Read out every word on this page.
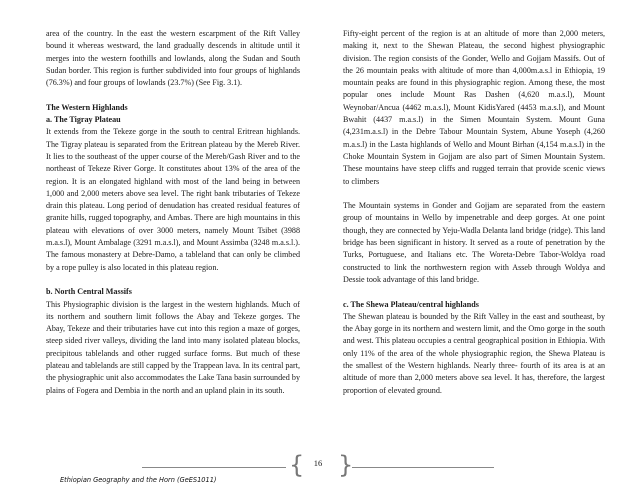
area of the country. In the east the western escarpment of the Rift Valley bound it whereas westward, the land gradually descends in altitude until it merges into the western foothills and lowlands, along the Sudan and South Sudan border. This region is further subdivided into four groups of highlands (76.3%) and four groups of lowlands (23.7%) (See Fig. 3.1).

The Western Highlands

a. The Tigray Plateau

It extends from the Tekeze gorge in the south to central Eritrean highlands. The Tigray plateau is separated from the Eritrean plateau by the Mereb River. It lies to the southeast of the upper course of the Mereb/Gash River and to the northeast of Tekeze River Gorge. It constitutes about 13% of the area of the region. It is an elongated highland with most of the land being in between 1,000 and 2,000 meters above sea level. The right bank tributaries of Tekeze drain this plateau. Long period of denudation has created residual features of granite hills, rugged topography, and Ambas. There are high mountains in this plateau with elevations of over 3000 meters, namely Mount Tsibet (3988 m.a.s.l), Mount Ambalage (3291 m.a.s.l), and Mount Assimba (3248 m.a.s.l.). The famous monastery at Debre-Damo, a tableland that can only be climbed by a rope pulley is also located in this plateau region.

b. North Central Massifs

This Physiographic division is the largest in the western highlands. Much of its northern and southern limit follows the Abay and Tekeze gorges. The Abay, Tekeze and their tributaries have cut into this region a maze of gorges, steep sided river valleys, dividing the land into many isolated plateau blocks, precipitous tablelands and other rugged surface forms. But much of these plateau and tablelands are still capped by the Trappean lava. In its central part, the physiographic unit also accommodates the Lake Tana basin surrounded by plains of Fogera and Dembia in the north and an upland plain in its south.

Fifty-eight percent of the region is at an altitude of more than 2,000 meters, making it, next to the Shewan Plateau, the second highest physiographic division. The region consists of the Gonder, Wello and Gojjam Massifs. Out of the 26 mountain peaks with altitude of more than 4,000m.a.s.l in Ethiopia, 19 mountain peaks are found in this physiographic region. Among these, the most popular ones include Mount Ras Dashen (4,620 m.a.s.l), Mount Weynobar/Ancua (4462 m.a.s.l), Mount KidisYared (4453 m.a.s.l), and Mount Bwahit (4437 m.a.s.l) in the Simen Mountain System. Mount Guna (4,231m.a.s.l) in the Debre Tabour Mountain System, Abune Yoseph (4,260 m.a.s.l) in the Lasta highlands of Wello and Mount Birhan (4,154 m.a.s.l) in the Choke Mountain System in Gojjam are also part of Simen Mountain System. These mountains have steep cliffs and rugged terrain that provide scenic views to climbers

The Mountain systems in Gonder and Gojjam are separated from the eastern group of mountains in Wello by impenetrable and deep gorges. At one point though, they are connected by Yeju-Wadla Delanta land bridge (ridge). This land bridge has been significant in history. It served as a route of penetration by the Turks, Portuguese, and Italians etc. The Woreta-Debre Tabor-Woldya road constructed to link the northwestern region with Asseb through Woldya and Dessie took advantage of this land bridge.

c. The Shewa Plateau/central highlands

The Shewan plateau is bounded by the Rift Valley in the east and southeast, by the Abay gorge in its northern and western limit, and the Omo gorge in the south and west. This plateau occupies a central geographical position in Ethiopia. With only 11% of the area of the whole physiographic region, the Shewa Plateau is the smallest of the Western highlands. Nearly three- fourth of its area is at an altitude of more than 2,000 meters above sea level. It has, therefore, the largest proportion of elevated ground.

{	16 }
Ethiopian Geography and the Horn (GeES1011)
